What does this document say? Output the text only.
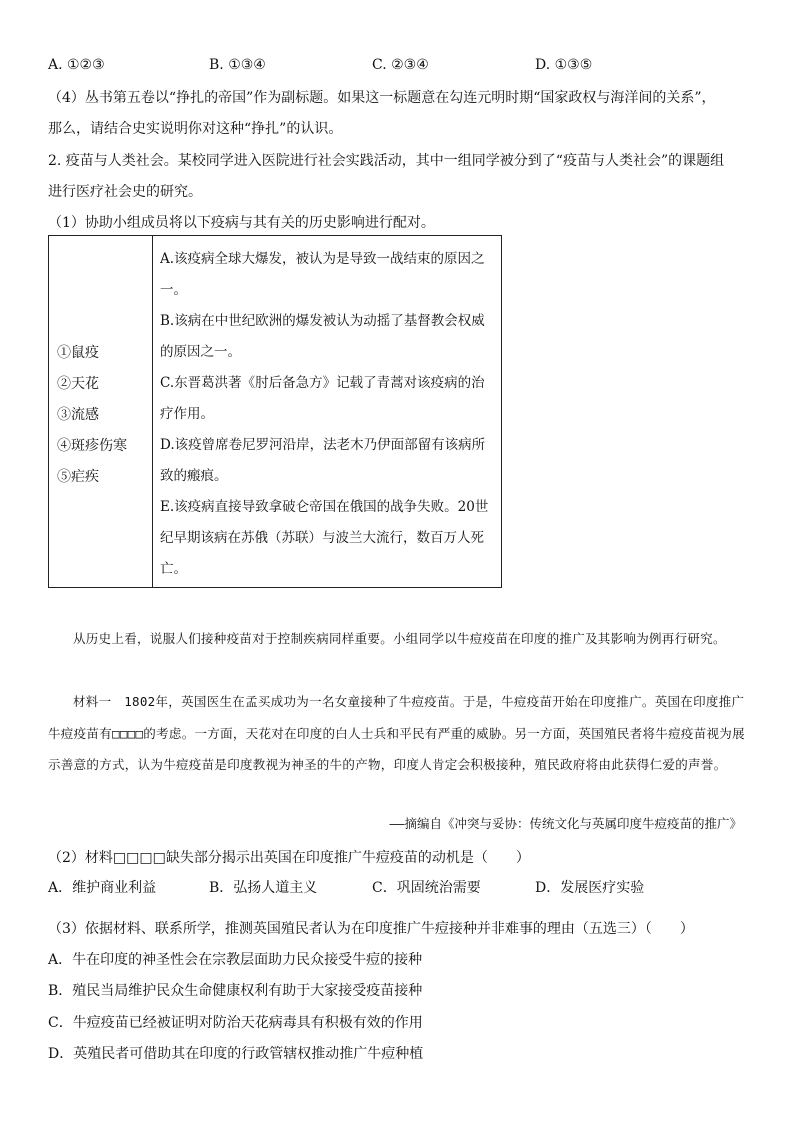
A. ①②③	B. ①③④	C. ②③④	D. ①③⑤
（4）丛书第五卷以“挣扎的帝国”作为副标题。如果这一标题意在勾连元明时期“国家政权与海洋间的关系”，
那么，请结合史实说明你对这种“挣扎”的认识。
2. 疫苗与人类社会。某校同学进入医院进行社会实践活动，其中一组同学被分到了“疫苗与人类社会”的课题组
进行医疗社会史的研究。
（1）协助小组成员将以下疫病与其有关的历史影响进行配对。
①鼠疫
②天花
③流感
④斑疹伤寒
⑤疟疾
A.该疫病全球大爆发，被认为是导致一战结束的原因之一。
B.该病在中世纪欧洲的爆发被认为动摇了基督教会权威的原因之一。
C.东晋葛洪著《肘后备急方》记载了青蒿对该疫病的治疗作用。
D.该疫曾席卷尼罗河沿岸，法老木乃伊面部留有该病所致的瘢痕。
E.该疫病直接导致拿破仑帝国在俄国的战争失败。20世纪早期该病在苏俄（苏联）与波兰大流行，数百万人死亡。
从历史上看，说服人们接种疫苗对于控制疾病同样重要。小组同学以牛痘疫苗在印度的推广及其影响为例再行研究。
材料一　1802年，英国医生在孟买成功为一名女童接种了牛痘疫苗。于是，牛痘疫苗开始在印度推广。英国在印度推广牛痘疫苗有□□□□的考虑。一方面，天花对在印度的白人士兵和平民有严重的威胁。另一方面，英国殖民者将牛痘疫苗视为展示善意的方式，认为牛痘疫苗是印度教视为神圣的牛的产物，印度人肯定会积极接种，殖民政府将由此获得仁爱的声誉。
——摘编自《冲突与妥协：传统文化与英属印度牛痘疫苗的推广》
（2）材料□□□□缺失部分揭示出英国在印度推广牛痘疫苗的动机是（　　）
A．维护商业利益	B．弘扬人道主义	C．巩固统治需要	D．发展医疗实验
（3）依据材料、联系所学，推测英国殖民者认为在印度推广牛痘接种并非难事的理由（五选三）（　　）
A．牛在印度的神圣性会在宗教层面助力民众接受牛痘的接种
B．殖民当局维护民众生命健康权利有助于大家接受疫苗接种
C．牛痘疫苗已经被证明对防治天花病毒具有积极有效的作用
D．英殖民者可借助其在印度的行政管辖权推动推广牛痘种植
